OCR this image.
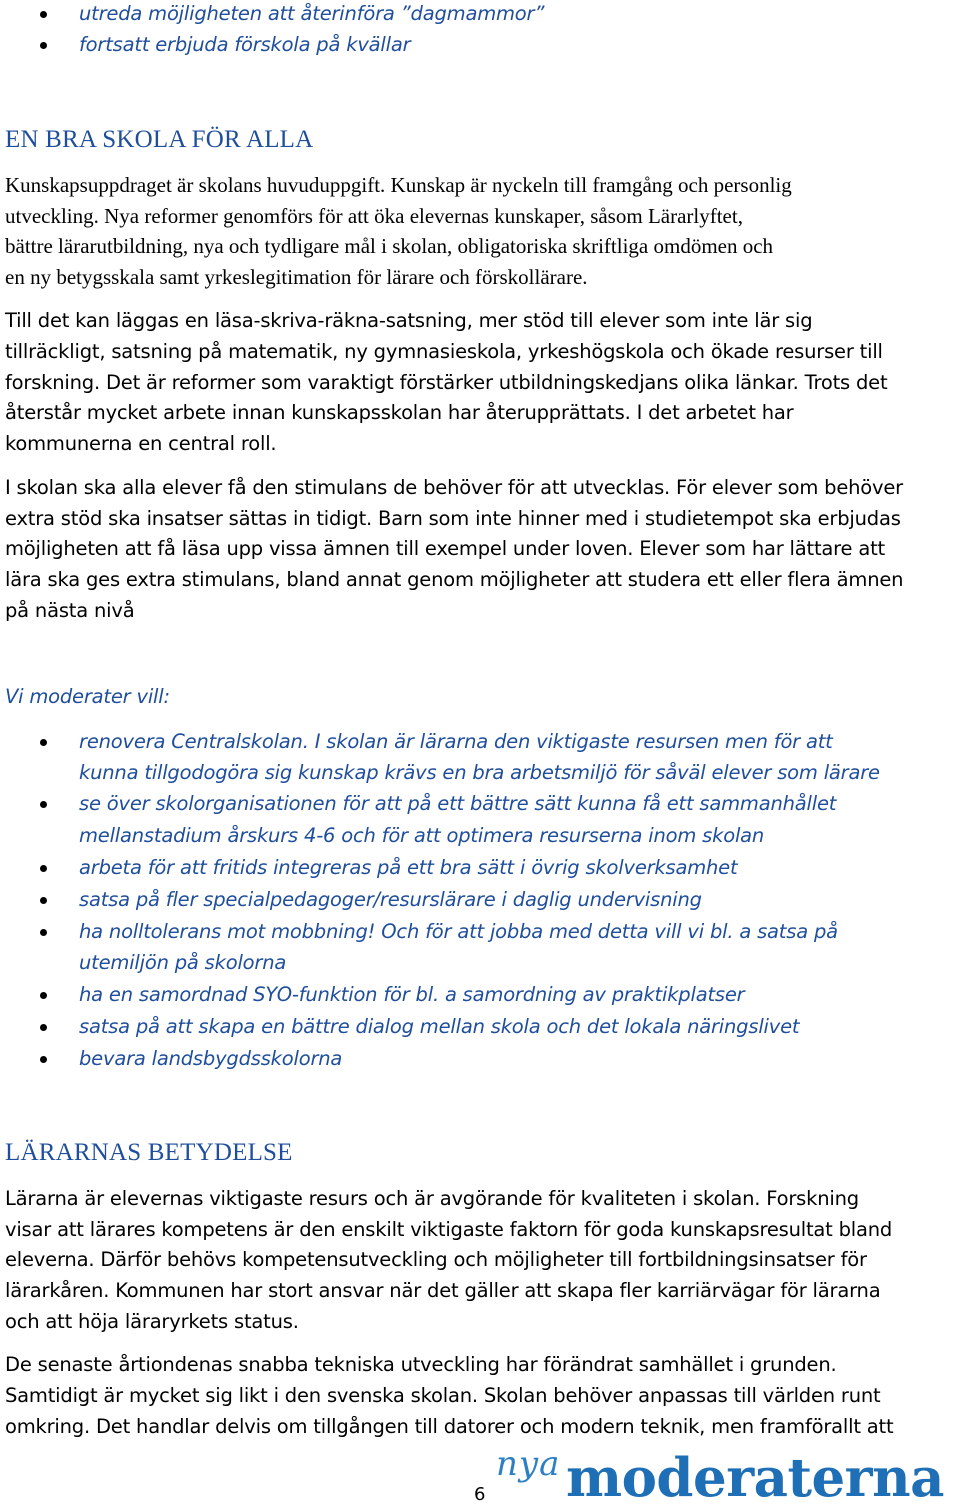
utreda möjligheten att återinföra ”dagmammor”
fortsatt erbjuda förskola på kvällar
EN BRA SKOLA FÖR ALLA
Kunskapsuppdraget är skolans huvuduppgift. Kunskap är nyckeln till framgång och personlig
utveckling. Nya reformer genomförs för att öka elevernas kunskaper, såsom Lärarlyftet,
bättre lärarutbildning, nya och tydligare mål i skolan, obligatoriska skriftliga omdömen och
en ny betygsskala samt yrkeslegitimation för lärare och förskollärare.
Till det kan läggas en läsa-skriva-räkna-satsning, mer stöd till elever som inte lär sig
tillräckligt, satsning på matematik, ny gymnasieskola, yrkeshögskola och ökade resurser till
forskning. Det är reformer som varaktigt förstärker utbildningskedjans olika länkar. Trots det
återstår mycket arbete innan kunskapsskolan har återupprättats. I det arbetet har
kommunerna en central roll.
I skolan ska alla elever få den stimulans de behöver för att utvecklas. För elever som behöver
extra stöd ska insatser sättas in tidigt. Barn som inte hinner med i studietempot ska erbjudas
möjligheten att få läsa upp vissa ämnen till exempel under loven. Elever som har lättare att
lära ska ges extra stimulans, bland annat genom möjligheter att studera ett eller flera ämnen
på nästa nivå
Vi moderater vill:
renovera Centralskolan. I skolan är lärarna den viktigaste resursen men för att
kunna tillgodogöra sig kunskap krävs en bra arbetsmiljö för såväl elever som lärare
se över skolorganisationen för att på ett bättre sätt kunna få ett sammanhållet
mellanstadium årskurs 4-6 och för att optimera resurserna inom skolan
arbeta för att fritids integreras på ett bra sätt i övrig skolverksamhet
satsa på fler specialpedagoger/resurslärare i daglig undervisning
ha nolltolerans mot mobbning! Och för att jobba med detta vill vi bl. a satsa på
utemiljön på skolorna
ha en samordnad SYO-funktion för bl. a samordning av praktikplatser
satsa på att skapa en bättre dialog mellan skola och det lokala näringslivet
bevara landsbygdsskolorna
LÄRARNAS BETYDELSE
Lärarna är elevernas viktigaste resurs och är avgörande för kvaliteten i skolan. Forskning
visar att lärares kompetens är den enskilt viktigaste faktorn för goda kunskapsresultat bland
eleverna. Därför behövs kompetensutveckling och möjligheter till fortbildningsinsatser för
lärarkåren. Kommunen har stort ansvar när det gäller att skapa fler karriärvägar för lärarna
och att höja läraryrkets status.
De senaste årtiondenas snabba tekniska utveckling har förändrat samhället i grunden.
Samtidigt är mycket sig likt i den svenska skolan. Skolan behöver anpassas till världen runt
omkring. Det handlar delvis om tillgången till datorer och modern teknik, men framförallt att
6
nya moderaterna
